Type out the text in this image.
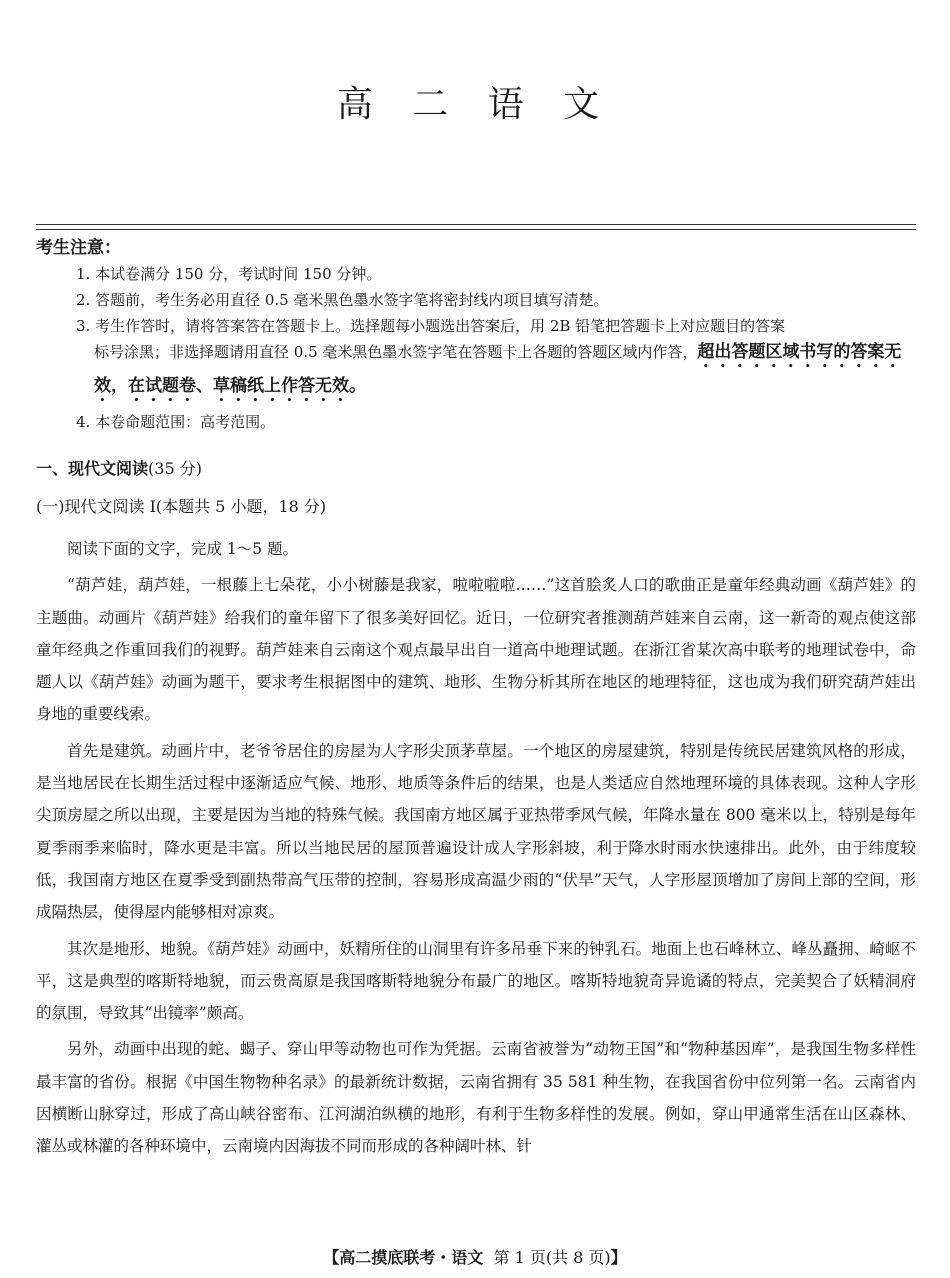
高 二 语 文
考生注意：

1. 本试卷满分 150 分，考试时间 150 分钟。

2. 答题前，考生务必用直径 0.5 毫米黑色墨水签字笔将密封线内项目填写清楚。

3. 考生作答时，请将答案答在答题卡上。选择题每小题选出答案后，用 2B 铅笔把答题卡上对应题目的答案
标号涂黑；非选择题请用直径 0.5 毫米黑色墨水签字笔在答题卡上各题的答题区域内作答，超出答题区域书写的答案无效，在试题卷、草稿纸上作答无效。

4. 本卷命题范围：高考范围。

一、现代文阅读(35 分)
(一)现代文阅读 Ⅰ(本题共 5 小题，18 分)

阅读下面的文字，完成 1～5 题。

“葫芦娃，葫芦娃，一根藤上七朵花，小小树藤是我家，啦啦啦啦……”这首脍炙人口的歌曲正是童年经典动画《葫芦娃》的主题曲。动画片《葫芦娃》给我们的童年留下了很多美好回忆。近日，一位研究者推测葫芦娃来自云南，这一新奇的观点使这部童年经典之作重回我们的视野。葫芦娃来自云南这个观点最早出自一道高中地理试题。在浙江省某次高中联考的地理试卷中，命题人以《葫芦娃》动画为题干，要求考生根据图中的建筑、地形、生物分析其所在地区的地理特征，这也成为我们研究葫芦娃出身地的重要线索。

首先是建筑。动画片中，老爷爷居住的房屋为人字形尖顶茅草屋。一个地区的房屋建筑，特别是传统民居建筑风格的形成，是当地居民在长期生活过程中逐渐适应气候、地形、地质等条件后的结果，也是人类适应自然地理环境的具体表现。这种人字形尖顶房屋之所以出现，主要是因为当地的特殊气候。我国南方地区属于亚热带季风气候，年降水量在 800 毫米以上，特别是每年夏季雨季来临时，降水更是丰富。所以当地民居的屋顶普遍设计成人字形斜坡，利于降水时雨水快速排出。此外，由于纬度较低，我国南方地区在夏季受到副热带高气压带的控制，容易形成高温少雨的“伏旱”天气，人字形屋顶增加了房间上部的空间，形成隔热层，使得屋内能够相对凉爽。

其次是地形、地貌。《葫芦娃》动画中，妖精所住的山洞里有许多吊垂下来的钟乳石。地面上也石峰林立、峰丛矗拥、崎岖不平，这是典型的喀斯特地貌，而云贵高原是我国喀斯特地貌分布最广的地区。喀斯特地貌奇异诡谲的特点，完美契合了妖精洞府的氛围，导致其“出镜率”颇高。

另外，动画中出现的蛇、蝎子、穿山甲等动物也可作为凭据。云南省被誉为“动物王国”和“物种基因库”，是我国生物多样性最丰富的省份。根据《中国生物物种名录》的最新统计数据，云南省拥有 35 581 种生物，在我国省份中位列第一名。云南省内因横断山脉穿过，形成了高山峡谷密布、江河湖泊纵横的地形，有利于生物多样性的发展。例如，穿山甲通常生活在山区森林、灌丛或林灌的各种环境中，云南境内因海拔不同而形成的各种阔叶林、针

【高二摸底联考・语文 第 1 页(共 8 页)】
